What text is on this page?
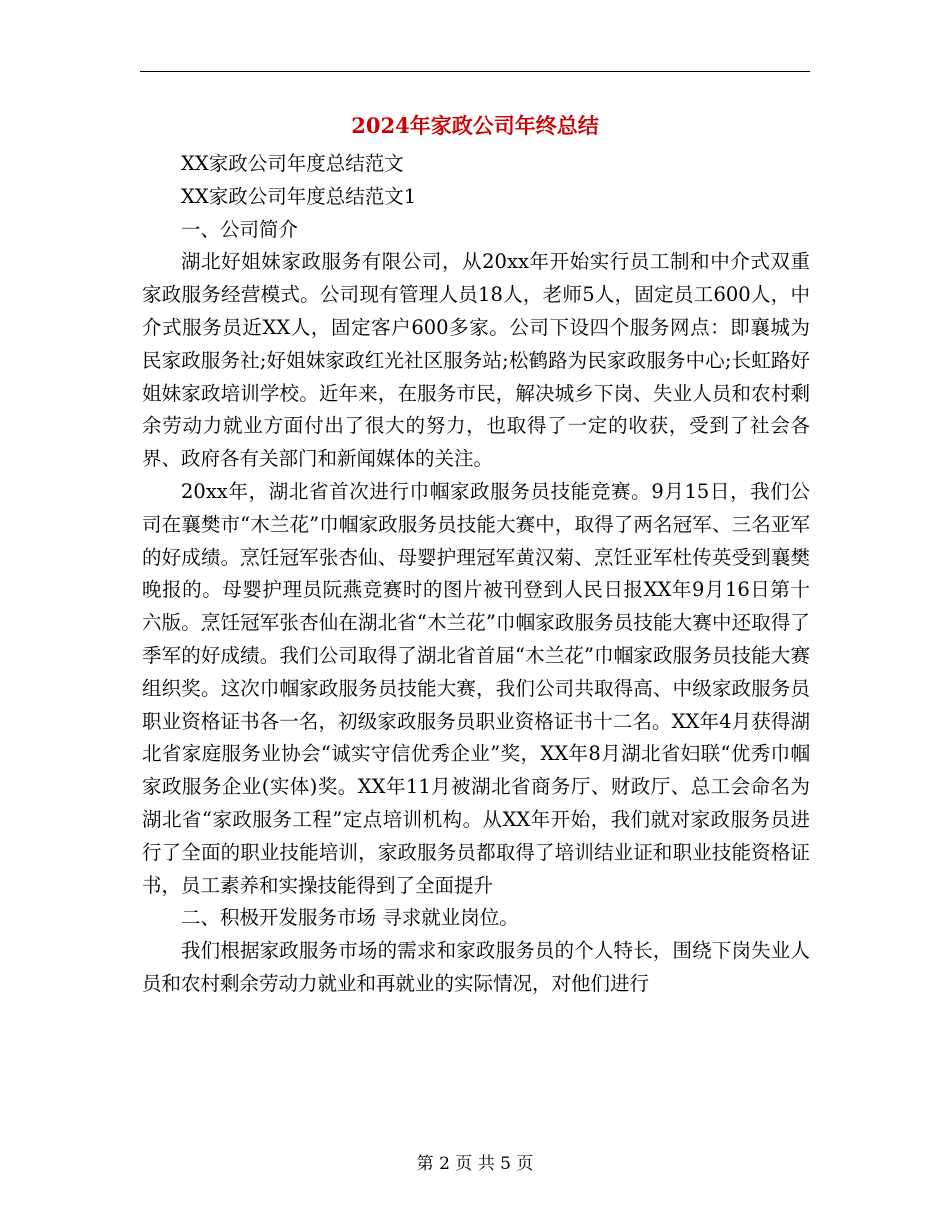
2024年家政公司年终总结

XX家政公司年度总结范文

XX家政公司年度总结范文1

一、公司简介

湖北好姐妹家政服务有限公司，从20xx年开始实行员工制和中介式双重家政服务经营模式。公司现有管理人员18人，老师5人，固定员工600人，中介式服务员近XX人，固定客户600多家。公司下设四个服务网点：即襄城为民家政服务社;好姐妹家政红光社区服务站;松鹤路为民家政服务中心;长虹路好姐妹家政培训学校。近年来，在服务市民，解决城乡下岗、失业人员和农村剩余劳动力就业方面付出了很大的努力，也取得了一定的收获，受到了社会各界、政府各有关部门和新闻媒体的关注。

20xx年，湖北省首次进行巾帼家政服务员技能竞赛。9月15日，我们公司在襄樊市“木兰花”巾帼家政服务员技能大赛中，取得了两名冠军、三名亚军的好成绩。烹饪冠军张杏仙、母婴护理冠军黄汉菊、烹饪亚军杜传英受到襄樊晚报的。母婴护理员阮燕竞赛时的图片被刊登到人民日报XX年9月16日第十六版。烹饪冠军张杏仙在湖北省“木兰花”巾帼家政服务员技能大赛中还取得了季军的好成绩。我们公司取得了湖北省首届“木兰花”巾帼家政服务员技能大赛组织奖。这次巾帼家政服务员技能大赛，我们公司共取得高、中级家政服务员职业资格证书各一名，初级家政服务员职业资格证书十二名。XX年4月获得湖北省家庭服务业协会“诚实守信优秀企业”奖，XX年8月湖北省妇联“优秀巾帼家政服务企业(实体)奖。XX年11月被湖北省商务厅、财政厅、总工会命名为湖北省“家政服务工程”定点培训机构。从XX年开始，我们就对家政服务员进行了全面的职业技能培训，家政服务员都取得了培训结业证和职业技能资格证书，员工素养和实操技能得到了全面提升

二、积极开发服务市场 寻求就业岗位。

我们根据家政服务市场的需求和家政服务员的个人特长，围绕下岗失业人员和农村剩余劳动力就业和再就业的实际情况，对他们进行

第 2 页 共 5 页
